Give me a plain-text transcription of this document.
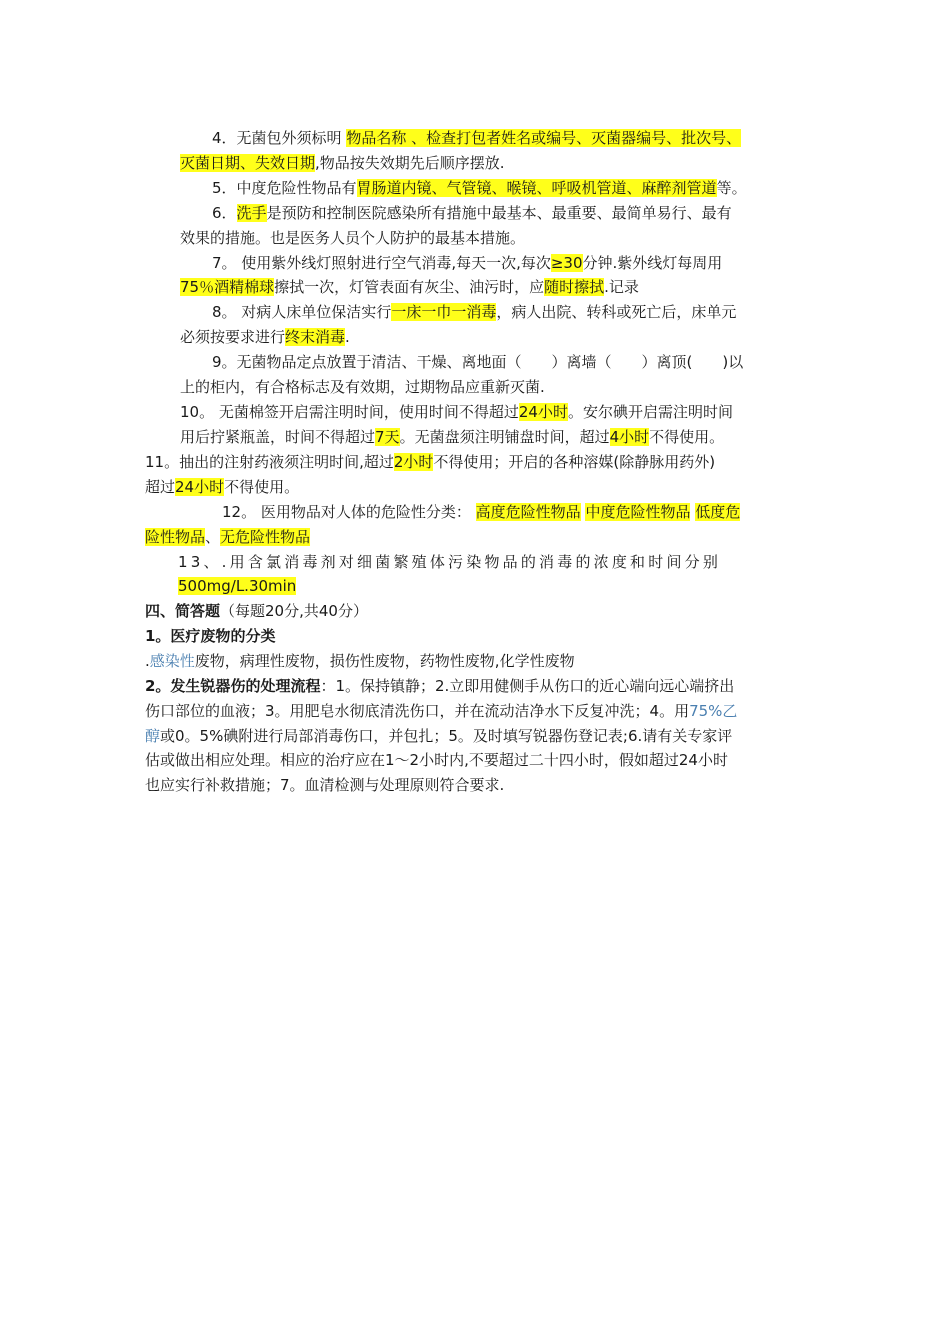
4．无菌包外须标明 物品名称 、检查打包者姓名或编号、灭菌器编号、批次号、
灭菌日期、失效日期,物品按失效期先后顺序摆放.
5．中度危险性物品有胃肠道内镜、气管镜、喉镜、呼吸机管道、麻醉剂管道等。
6．洗手是预防和控制医院感染所有措施中最基本、最重要、最简单易行、最有
效果的措施。也是医务人员个人防护的最基本措施。
7。 使用紫外线灯照射进行空气消毒,每天一次,每次≥30分钟.紫外线灯每周用
75％酒精棉球擦拭一次，灯管表面有灰尘、油污时，应随时擦拭.记录
8。 对病人床单位保洁实行一床一巾一消毒，病人出院、转科或死亡后，床单元
必须按要求进行终末消毒.
9。无菌物品定点放置于清洁、干燥、离地面（　　）离墙（　　）离顶(　　)以
上的柜内，有合格标志及有效期，过期物品应重新灭菌.
10。 无菌棉签开启需注明时间，使用时间不得超过24小时。安尔碘开启需注明时间
用后拧紧瓶盖，时间不得超过7天。无菌盘须注明铺盘时间，超过4小时不得使用。
11。抽出的注射药液须注明时间,超过2小时不得使用；开启的各种溶媒(除静脉用药外)
超过24小时不得使用。
12。 医用物品对人体的危险性分类： 高度危险性物品 中度危险性物品 低度危
险性物品、无危险性物品
13、.用含氯消毒剂对细菌繁殖体污染物品的消毒的浓度和时间分别
500mg/L.30min
四、简答题（每题20分,共40分）
1。医疗废物的分类
.感染性废物，病理性废物，损伤性废物，药物性废物,化学性废物
2。发生锐器伤的处理流程：1。保持镇静；2.立即用健侧手从伤口的近心端向远心端挤出
伤口部位的血液；3。用肥皂水彻底清洗伤口，并在流动洁净水下反复冲洗；4。用75%乙
醇或0。5%碘附进行局部消毒伤口，并包扎；5。及时填写锐器伤登记表;6.请有关专家评
估或做出相应处理。相应的治疗应在1～2小时内,不要超过二十四小时，假如超过24小时
也应实行补救措施；7。血清检测与处理原则符合要求.
